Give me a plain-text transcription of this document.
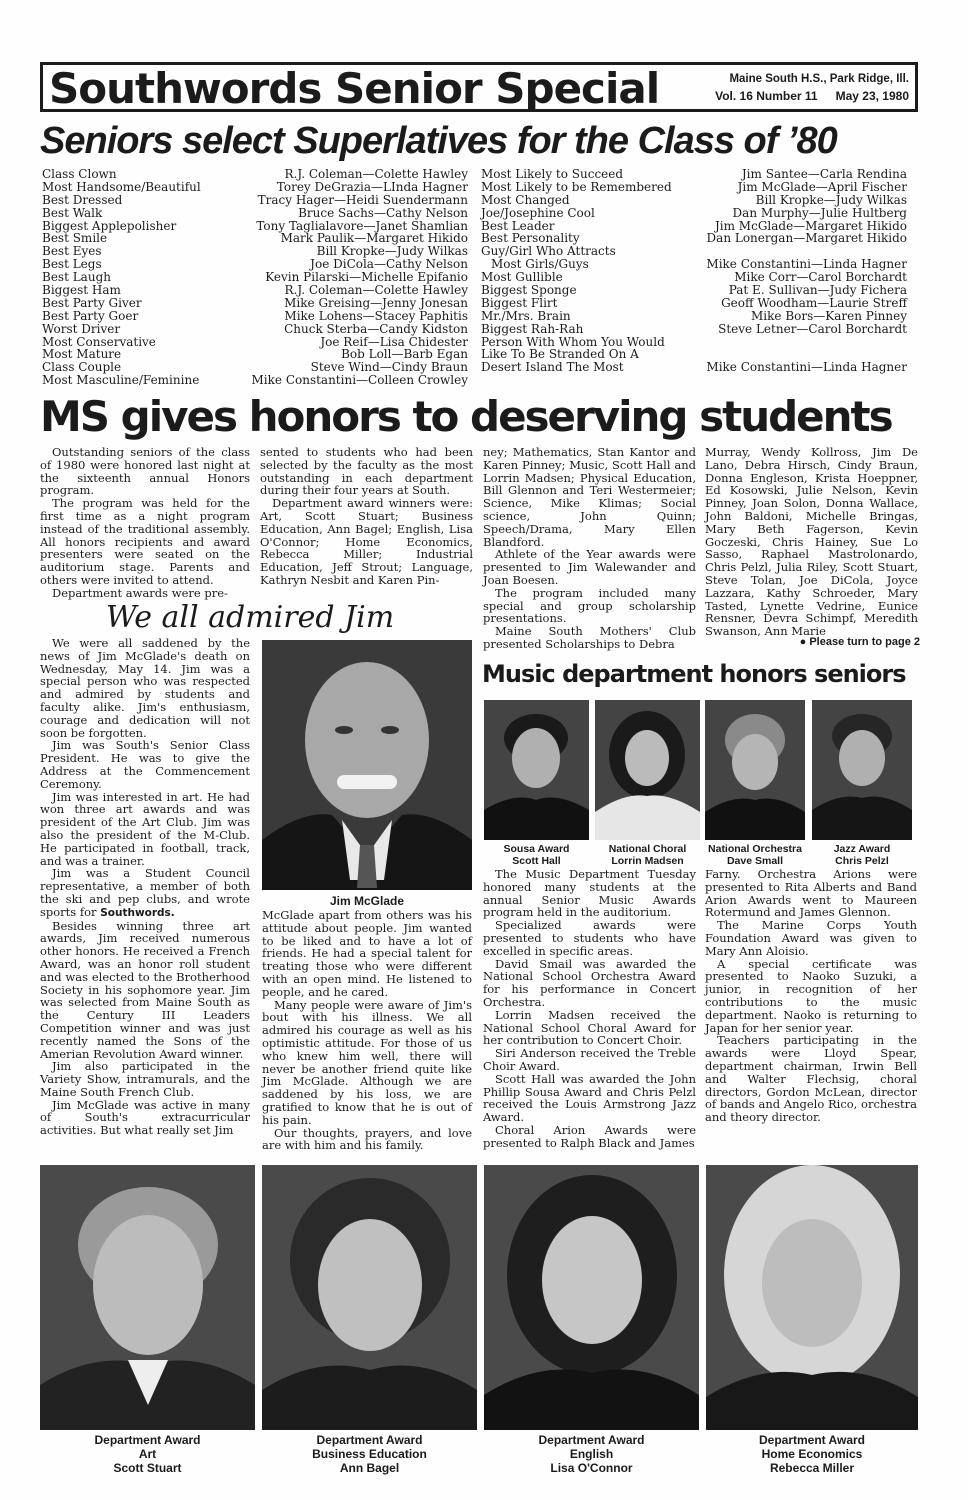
Southwords Senior Special	Maine South H.S., Park Ridge, Ill.
Vol. 16 Number 11 May 23, 1980
Seniors select Superlatives for the Class of ’80
Class Clown
Most Handsome/Beautiful
Best Dressed
Best Walk
Biggest Applepolisher
Best Smile
Best Eyes
Best Legs
Best Laugh
Biggest Ham
Best Party Giver
Best Party Goer
Worst Driver
Most Conservative
Most Mature
Class Couple
Most Masculine/Feminine
R.J. Coleman—Colette Hawley
Torey DeGrazia—LInda Hagner
Tracy Hager—Heidi Suendermann
Bruce Sachs—Cathy Nelson
Tony Taglialavore—Janet Shamlian
Mark Paulik—Margaret Hikido
Bill Kropke—Judy Wilkas
Joe DiCola—Cathy Nelson
Kevin Pilarski—Michelle Epifanio
R.J. Coleman—Colette Hawley
Mike Greising—Jenny Jonesan
Mike Lohens—Stacey Paphitis
Chuck Sterba—Candy Kidston
Joe Reif—Lisa Chidester
Bob Loll—Barb Egan
Steve Wind—Cindy Braun
Mike Constantini—Colleen Crowley
Most Likely to Succeed
Most Likely to be Remembered
Most Changed
Joe/Josephine Cool
Best Leader
Best Personality
Guy/Girl Who Attracts
Most Girls/Guys
Most Gullible
Biggest Sponge
Biggest Flirt
Mr./Mrs. Brain
Biggest Rah-Rah
Person With Whom You Would
Like To Be Stranded On A
Desert Island The Most
Jim Santee—Carla Rendina
Jim McGlade—April Fischer
Bill Kropke—Judy Wilkas
Dan Murphy—Julie Hultberg
Jim McGlade—Margaret Hikido
Dan Lonergan—Margaret Hikido
Mike Constantini—Linda Hagner
Mike Corr—Carol Borchardt
Pat E. Sullivan—Judy Fichera
Geoff Woodham—Laurie Streff
Mike Bors—Karen Pinney
Steve Letner—Carol Borchardt
Mike Constantini—Linda Hagner
MS gives honors to deserving students

Outstanding seniors of the class of 1980 were honored last night at the sixteenth annual Honors program.

The program was held for the first time as a night program instead of the traditional assembly. All honors recipients and award presenters were seated on the auditorium stage. Parents and others were invited to attend.

Department awards were pre-

sented to students who had been selected by the faculty as the most outstanding in each department during their four years at South.

Department award winners were: Art, Scott Stuart; Business Education, Ann Bagel; English, Lisa O'Connor; Home Economics, Rebecca Miller; Industrial Education, Jeff Strout; Language, Kathryn Nesbit and Karen Pin-

ney; Mathematics, Stan Kantor and Karen Pinney; Music, Scott Hall and Lorrin Madsen; Physical Education, Bill Glennon and Teri Westermeier; Science, Mike Klimas; Social science, John Quinn; Speech/Drama, Mary Ellen Blandford.

Athlete of the Year awards were presented to Jim Walewander and Joan Boesen.

The program included many special and group scholarship presentations.

Maine South Mothers' Club presented Scholarships to Debra

Murray, Wendy Kollross, Jim De Lano, Debra Hirsch, Cindy Braun, Donna Engleson, Krista Hoeppner, Ed Kosowski, Julie Nelson, Kevin Pinney, Joan Solon, Donna Wallace, John Baldoni, Michelle Bringas, Mary Beth Fagerson, Kevin Goczeski, Chris Hainey, Sue Lo Sasso, Raphael Mastrolonardo, Chris Pelzl, Julia Riley, Scott Stuart, Steve Tolan, Joe DiCola, Joyce Lazzara, Kathy Schroeder, Mary Tasted, Lynette Vedrine, Eunice Rensner, Devra Schimpf, Meredith Swanson, Ann Marie

● Please turn to page 2
We all admired Jim

We were all saddened by the news of Jim McGlade's death on Wednesday, May 14. Jim was a special person who was respected and admired by students and faculty alike. Jim's enthusiasm, courage and dedication will not soon be forgotten.

Jim was South's Senior Class President. He was to give the Address at the Commencement Ceremony.

Jim was interested in art. He had won three art awards and was president of the Art Club. Jim was also the president of the M-Club. He participated in football, track, and was a trainer.

Jim was a Student Council representative, a member of both the ski and pep clubs, and wrote sports for Southwords.

Besides winning three art awards, Jim received numerous other honors. He received a French Award, was an honor roll student and was elected to the Brotherhood Society in his sophomore year. Jim was selected from Maine South as the Century III Leaders Competition winner and was just recently named the Sons of the Amerian Revolution Award winner.

Jim also participated in the Variety Show, intramurals, and the Maine South French Club.

Jim McGlade was active in many of South's extracurricular activities. But what really set Jim

Jim McGlade

McGlade apart from others was his attitude about people. Jim wanted to be liked and to have a lot of friends. He had a special talent for treating those who were different with an open mind. He listened to people, and he cared.

Many people were aware of Jim's bout with his illness. We all admired his courage as well as his optimistic attitude. For those of us who knew him well, there will never be another friend quite like Jim McGlade. Although we are saddened by his loss, we are gratified to know that he is out of his pain.

Our thoughts, prayers, and love are with him and his family.

Music department honors seniors
Sousa Award
Scott Hall
National Choral
Lorrin Madsen
National Orchestra
Dave Small
Jazz Award
Chris Pelzl

The Music Department Tuesday honored many students at the annual Senior Music Awards program held in the auditorium.

Specialized awards were presented to students who have excelled in specific areas.

David Smail was awarded the National School Orchestra Award for his performance in Concert Orchestra.

Lorrin Madsen received the National School Choral Award for her contribution to Concert Choir.

Siri Anderson received the Treble Choir Award.

Scott Hall was awarded the John Phillip Sousa Award and Chris Pelzl received the Louis Armstrong Jazz Award.

Choral Arion Awards were presented to Ralph Black and James

Farny. Orchestra Arions were presented to Rita Alberts and Band Arion Awards went to Maureen Rotermund and James Glennon.

The Marine Corps Youth Foundation Award was given to Mary Ann Aloisio.

A special certificate was presented to Naoko Suzuki, a junior, in recognition of her contributions to the music department. Naoko is returning to Japan for her senior year.

Teachers participating in the awards were Lloyd Spear, department chairman, Irwin Bell and Walter Flechsig, choral directors, Gordon McLean, director of bands and Angelo Rico, orchestra and theory director.

Department Award
Art
Scott Stuart
Department Award
Business Education
Ann Bagel
Department Award
English
Lisa O'Connor
Department Award
Home Economics
Rebecca Miller
